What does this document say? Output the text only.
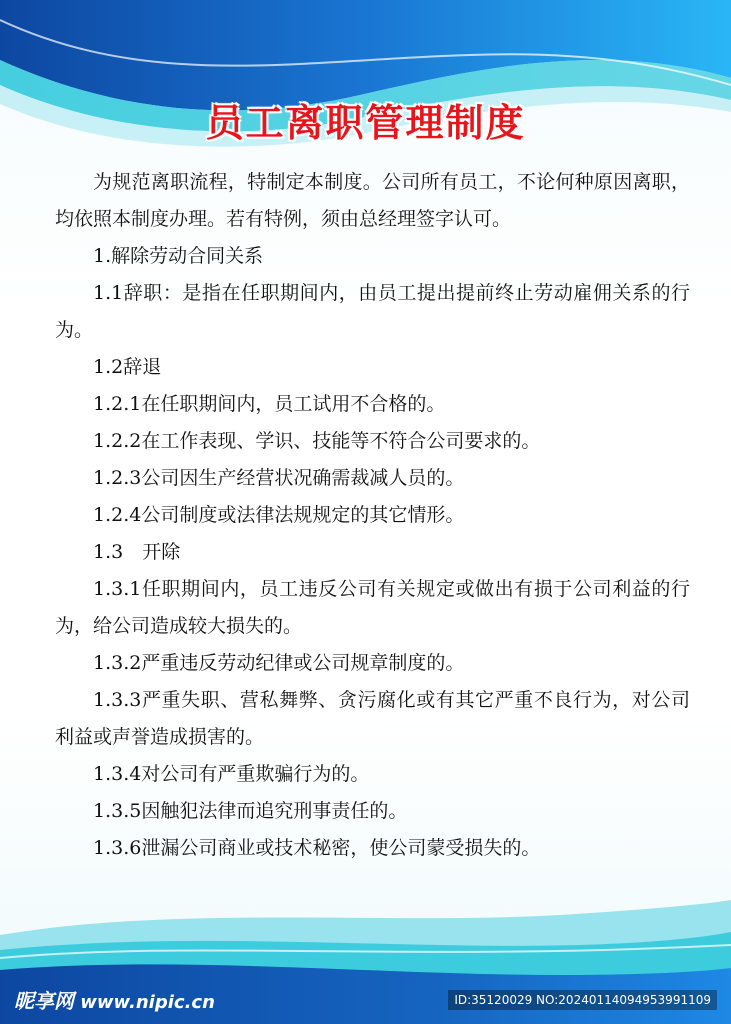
员工离职管理制度

为规范离职流程，特制定本制度。公司所有员工，不论何种原因离职，均依照本制度办理。若有特例，须由总经理签字认可。

1.解除劳动合同关系

1.1辞职：是指在任职期间内，由员工提出提前终止劳动雇佣关系的行为。

1.2辞退

1.2.1在任职期间内，员工试用不合格的。

1.2.2在工作表现、学识、技能等不符合公司要求的。

1.2.3公司因生产经营状况确需裁减人员的。

1.2.4公司制度或法律法规规定的其它情形。

1.3　开除

1.3.1任职期间内，员工违反公司有关规定或做出有损于公司利益的行为，给公司造成较大损失的。

1.3.2严重违反劳动纪律或公司规章制度的。

1.3.3严重失职、营私舞弊、贪污腐化或有其它严重不良行为，对公司利益或声誉造成损害的。

1.3.4对公司有严重欺骗行为的。

1.3.5因触犯法律而追究刑事责任的。

1.3.6泄漏公司商业或技术秘密，使公司蒙受损失的。

昵享网 www.nipic.cn	ID:35120029 NO:20240114094953991109
